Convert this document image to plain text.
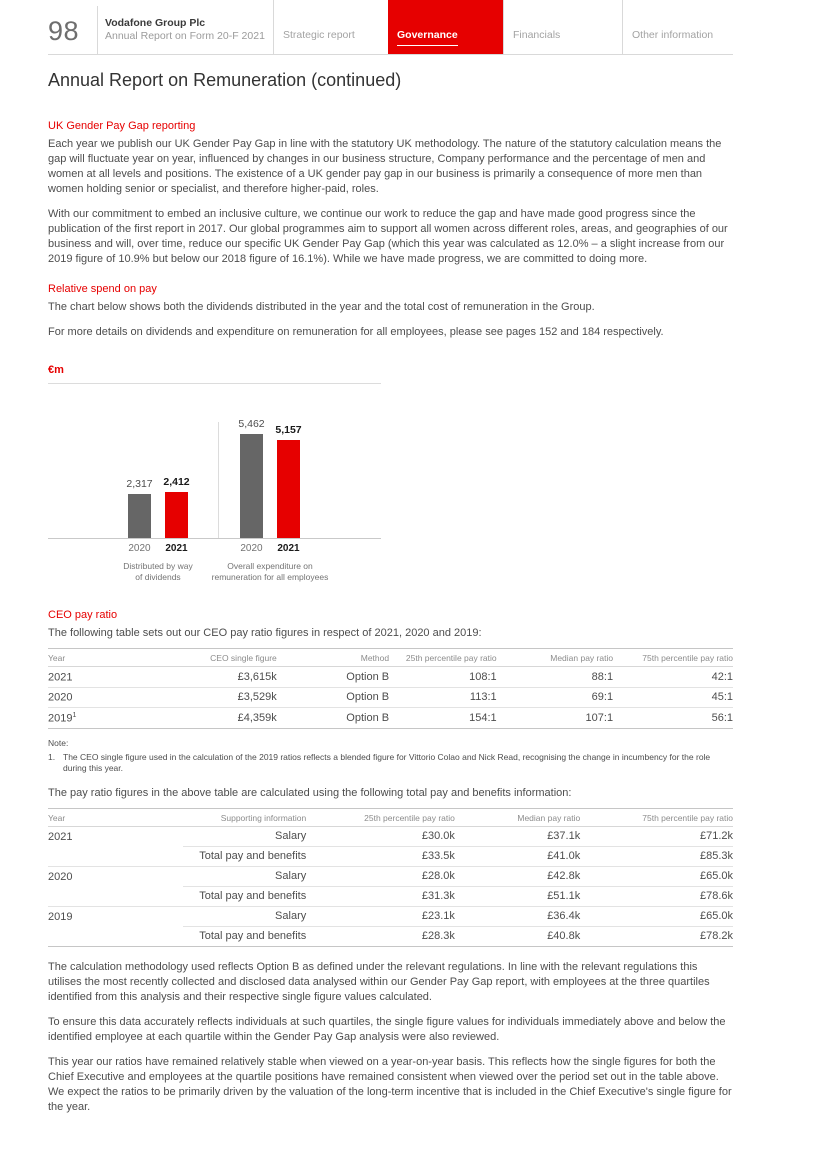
98 Vodafone Group Plc
Annual Report on Form 20-F 2021 Strategic report	Governance	Financials	Other information
Annual Report on Remuneration (continued)
UK Gender Pay Gap reporting

Each year we publish our UK Gender Pay Gap in line with the statutory UK methodology. The nature of the statutory calculation means the gap will fluctuate year on year, influenced by changes in our business structure, Company performance and the percentage of men and women at all levels and positions. The existence of a UK gender pay gap in our business is primarily a consequence of more men than women holding senior or specialist, and therefore higher-paid, roles.

With our commitment to embed an inclusive culture, we continue our work to reduce the gap and have made good progress since the publication of the first report in 2017. Our global programmes aim to support all women across different roles, areas, and geographies of our business and will, over time, reduce our specific UK Gender Pay Gap (which this year was calculated as 12.0% – a slight increase from our 2019 figure of 10.9% but below our 2018 figure of 16.1%). While we have made progress, we are committed to doing more.

Relative spend on pay

The chart below shows both the dividends distributed in the year and the total cost of remuneration in the Group.

For more details on dividends and expenditure on remuneration for all employees, please see pages 152 and 184 respectively.

€m
2,317
2020
2,412
2021
5,462
2020
5,157
2021
Distributed by way
of dividends
Overall expenditure on
remuneration for all employees
CEO pay ratio

The following table sets out our CEO pay ratio figures in respect of 2021, 2020 and 2019:

Year	CEO single figure	Method	25th percentile pay ratio	Median pay ratio	75th percentile pay ratio
2021	£3,615k	Option B	108:1	88:1	42:1
2020	£3,529k	Option B	113:1	69:1	45:1
2019$^1$	£4,359k	Option B	154:1	107:1	56:1
Note:
1. The CEO single figure used in the calculation of the 2019 ratios reflects a blended figure for Vittorio Colao and Nick Read, recognising the change in incumbency for the role during this year.

The pay ratio figures in the above table are calculated using the following total pay and benefits information:

Year	Supporting information	25th percentile pay ratio	Median pay ratio	75th percentile pay ratio
2021	Salary	£30.0k	£37.1k	£71.2k
	Total pay and benefits	£33.5k	£41.0k	£85.3k
2020	Salary	£28.0k	£42.8k	£65.0k
	Total pay and benefits	£31.3k	£51.1k	£78.6k
2019	Salary	£23.1k	£36.4k	£65.0k
	Total pay and benefits	£28.3k	£40.8k	£78.2k

The calculation methodology used reflects Option B as defined under the relevant regulations. In line with the relevant regulations this utilises the most recently collected and disclosed data analysed within our Gender Pay Gap report, with employees at the three quartiles identified from this analysis and their respective single figure values calculated.

To ensure this data accurately reflects individuals at such quartiles, the single figure values for individuals immediately above and below the identified employee at each quartile within the Gender Pay Gap analysis were also reviewed.

This year our ratios have remained relatively stable when viewed on a year-on-year basis. This reflects how the single figures for both the Chief Executive and employees at the quartile positions have remained consistent when viewed over the period set out in the table above. We expect the ratios to be primarily driven by the valuation of the long-term incentive that is included in the Chief Executive's single figure for the year.
